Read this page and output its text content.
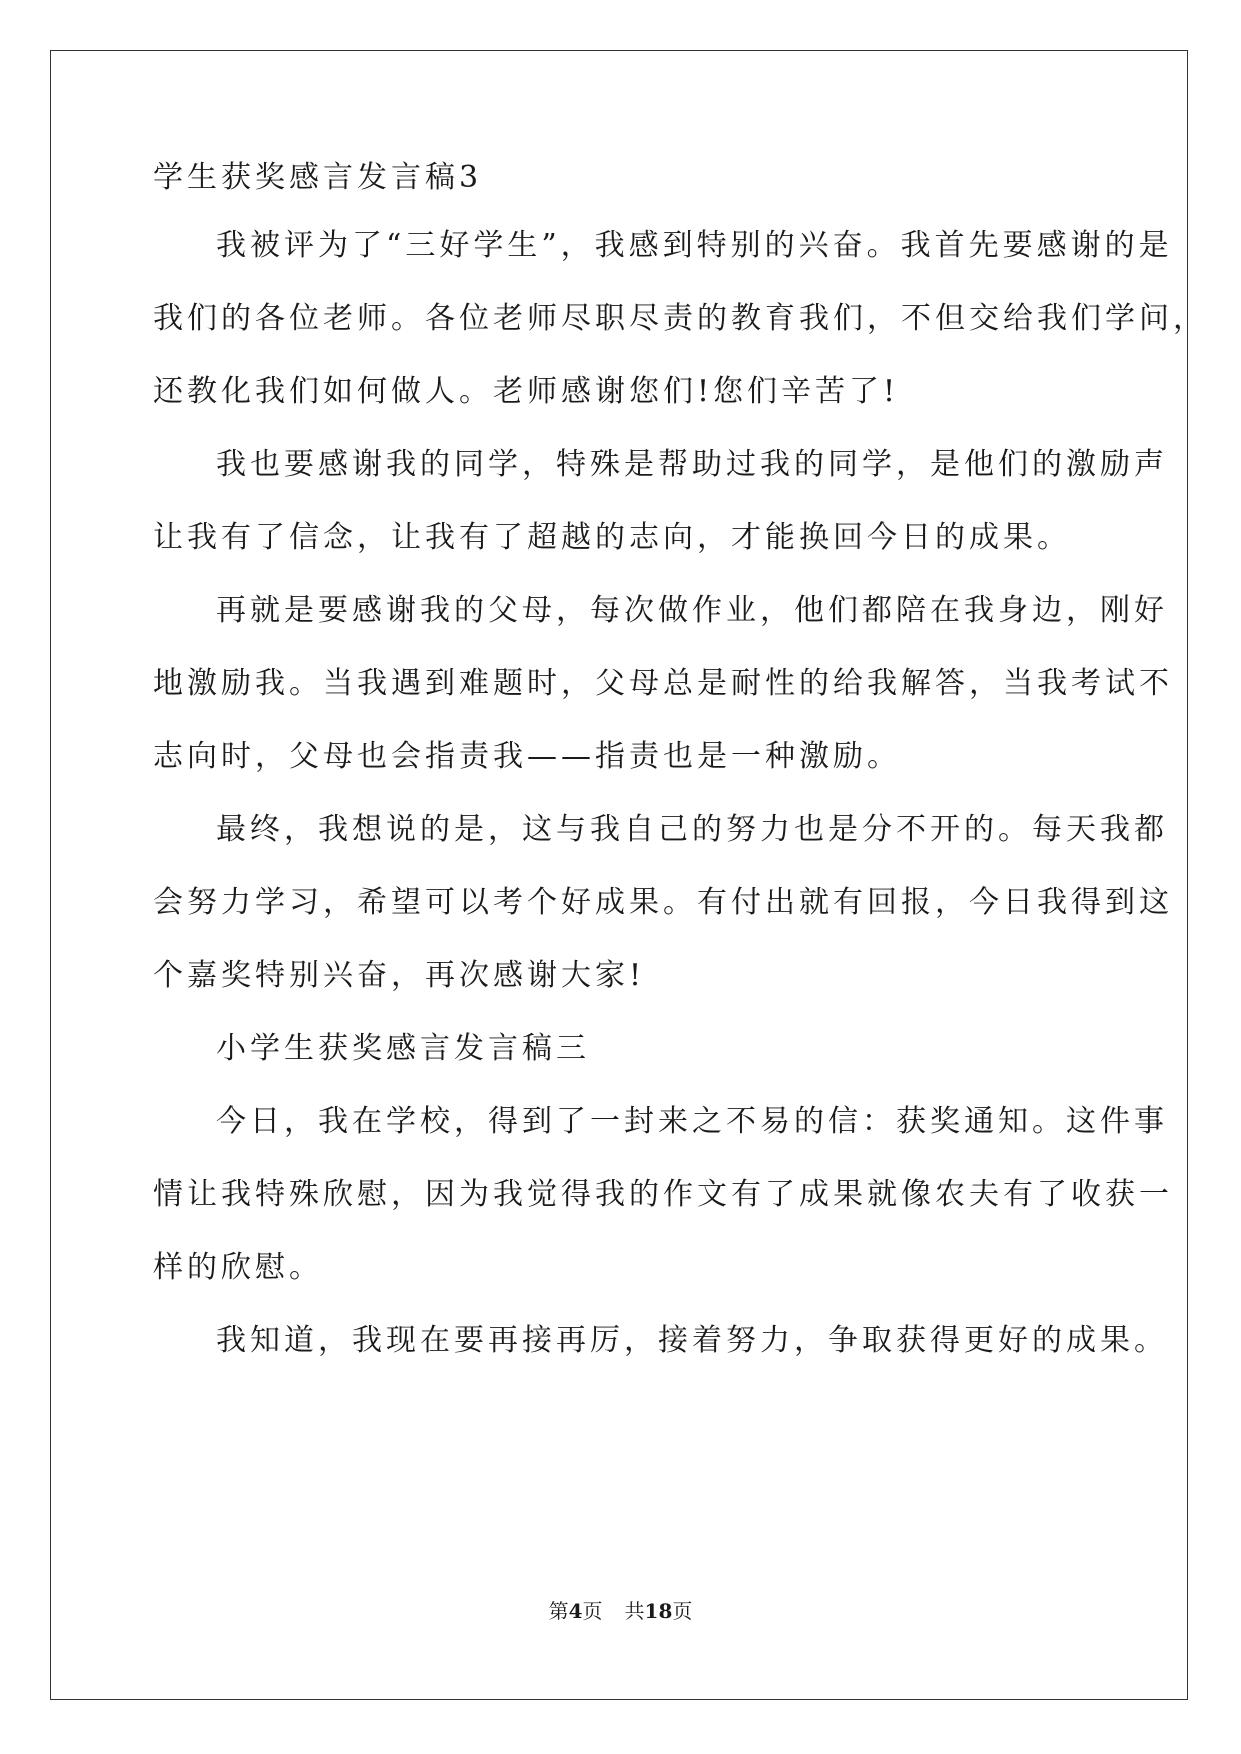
学生获奖感言发言稿3
我被评为了“三好学生”，我感到特别的兴奋。我首先要感谢的是
我们的各位老师。各位老师尽职尽责的教育我们，不但交给我们学问，
还教化我们如何做人。老师感谢您们!您们辛苦了!
我也要感谢我的同学，特殊是帮助过我的同学，是他们的激励声
让我有了信念，让我有了超越的志向，才能换回今日的成果。
再就是要感谢我的父母，每次做作业，他们都陪在我身边，刚好
地激励我。当我遇到难题时，父母总是耐性的给我解答，当我考试不
志向时，父母也会指责我——指责也是一种激励。
最终，我想说的是，这与我自己的努力也是分不开的。每天我都
会努力学习，希望可以考个好成果。有付出就有回报，今日我得到这
个嘉奖特别兴奋，再次感谢大家!
小学生获奖感言发言稿三
今日，我在学校，得到了一封来之不易的信：获奖通知。这件事
情让我特殊欣慰，因为我觉得我的作文有了成果就像农夫有了收获一
样的欣慰。
我知道，我现在要再接再厉，接着努力，争取获得更好的成果。
第4页 共18页
